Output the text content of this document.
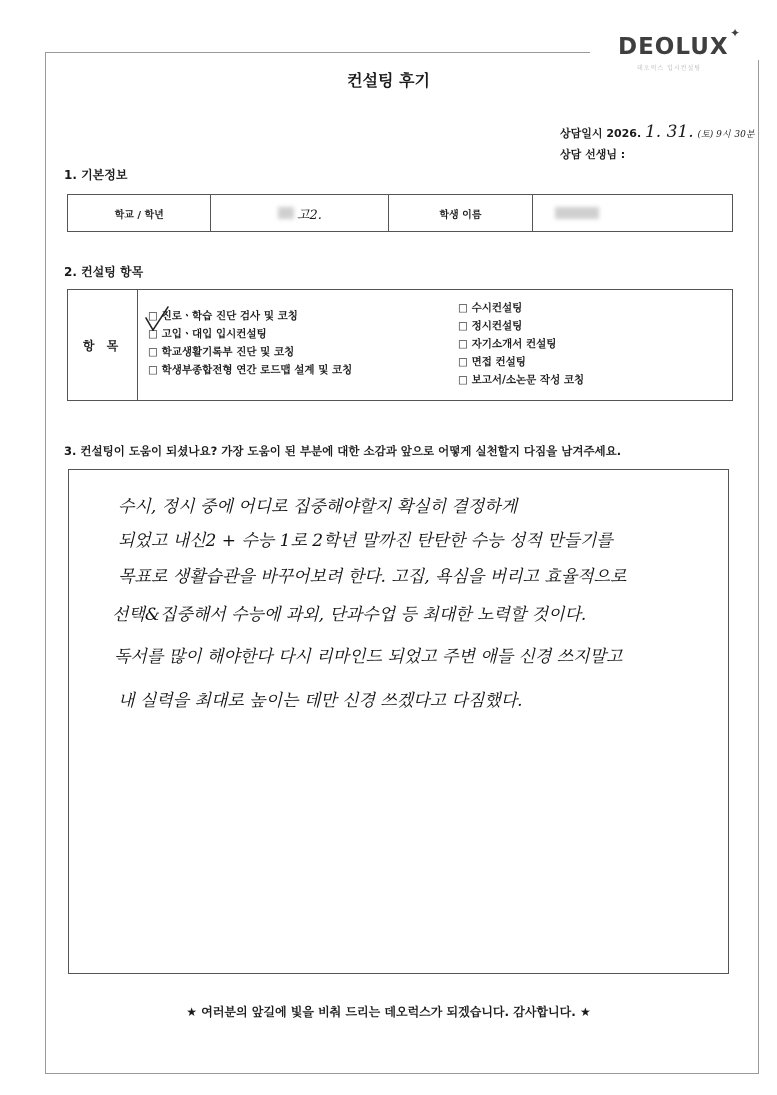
DEOLUX
✦
데오럭스 입시컨설팅
컨설팅 후기
상담일시 2026. 1. 31. (토) 9시 30분
상담 선생님 :
1. 기본정보
학교 / 학년	고2.	학생 이름	
2. 컨설팅 항목
항 목
□ 진로ㆍ학습 진단 검사 및 코칭
□ 고입ㆍ대입 입시컨설팅
□ 학교생활기록부 진단 및 코칭
□ 학생부종합전형 연간 로드맵 설계 및 코칭
□ 수시컨설팅
□ 정시컨설팅
□ 자기소개서 컨설팅
□ 면접 컨설팅
□ 보고서/소논문 작성 코칭
3. 컨설팅이 도움이 되셨나요? 가장 도움이 된 부분에 대한 소감과 앞으로 어떻게 실천할지 다짐을 남겨주세요.
수시, 정시 중에 어디로 집중해야할지 확실히 결정하게
되었고 내신2 + 수능 1로 2학년 말까진 탄탄한 수능 성적 만들기를
목표로 생활습관을 바꾸어보려 한다. 고집, 욕심을 버리고 효율적으로
선택&집중해서 수능에 과외, 단과수업 등 최대한 노력할 것이다.
독서를 많이 해야한다 다시 리마인드 되었고 주변 애들 신경 쓰지말고
내 실력을 최대로 높이는 데만 신경 쓰겠다고 다짐했다.
★ 여러분의 앞길에 빛을 비춰 드리는 데오럭스가 되겠습니다. 감사합니다. ★
